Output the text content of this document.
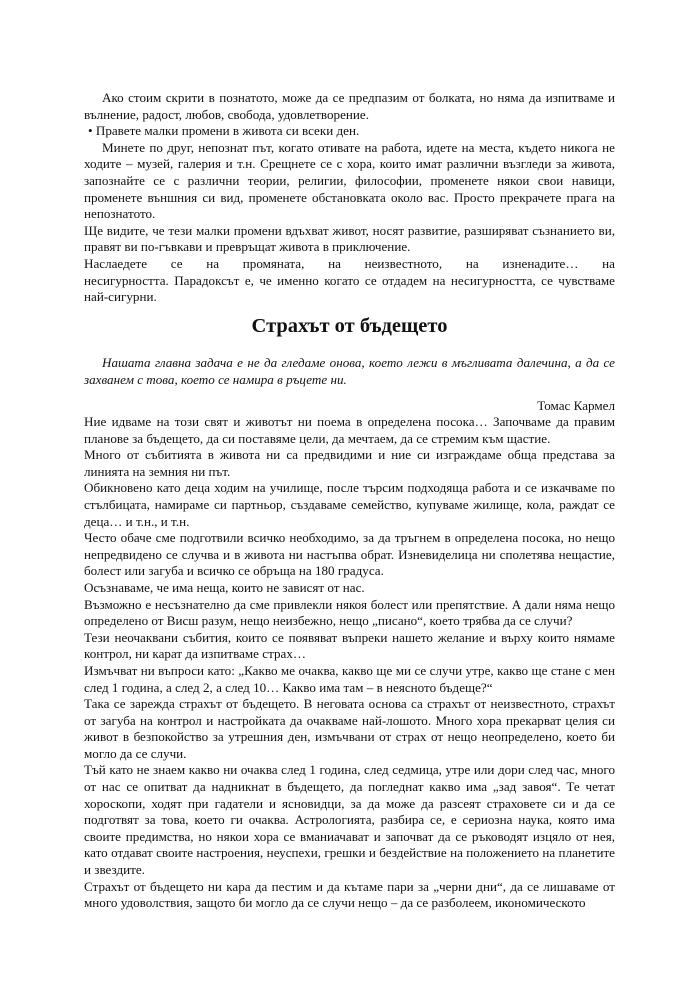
Ако стоим скрити в познатото, може да се предпазим от болката, но няма да изпитваме и вълнение, радост, любов, свобода, удовлетворение.

• Правете малки промени в живота си всеки ден.

Минете по друг, непознат път, когато отивате на работа, идете на места, където никога не ходите – музей, галерия и т.н. Срещнете се с хора, които имат различни възгледи за живота, запознайте се с различни теории, религии, философии, променете някои свои навици, променете външния си вид, променете обстановката около вас. Просто прекрачете прага на непознатото.

Ще видите, че тези малки промени вдъхват живот, носят развитие, разширяват съзнанието ви, правят ви по-гъвкави и превръщат живота в приключение.

Наслаедете се на промяната, на неизвестното, на изненадите… на

несигурността. Парадоксът е, че именно когато се отдадем на несигурността, се чувстваме най-сигурни.

Страхът от бъдещето

Нашата главна задача е не да гледаме онова, което лежи в мъгливата далечина, а да се захванем с това, което се намира в ръцете ни.

Томас Кармел

Ние идваме на този свят и животът ни поема в определена посока… Започваме да правим планове за бъдещето, да си поставяме цели, да мечтаем, да се стремим към щастие.

Много от събитията в живота ни са предвидими и ние си изграждаме обща представа за линията на земния ни път.

Обикновено като деца ходим на училище, после търсим подходяща работа и се изкачваме по стълбицата, намираме си партньор, създаваме семейство, купуваме жилище, кола, раждат се деца… и т.н., и т.н.

Често обаче сме подготвили всичко необходимо, за да тръгнем в определена посока, но нещо непредвидено се случва и в живота ни настъпва обрат. Изневиделица ни сполетява нещастие, болест или загуба и всичко се обръща на 180 градуса.

Осъзнаваме, че има неща, които не зависят от нас.

Възможно е несъзнателно да сме привлекли някоя болест или препятствие. А дали няма нещо определено от Висш разум, нещо неизбежно, нещо „писано“, което трябва да се случи?

Тези неочаквани събития, които се появяват въпреки нашето желание и върху които нямаме контрол, ни карат да изпитваме страх…

Измъчват ни въпроси като: „Какво ме очаква, какво ще ми се случи утре, какво ще стане с мен след 1 година, а след 2, а след 10… Какво има там – в неясното бъдеще?“

Така се зарежда страхът от бъдещето. В неговата основа са страхът от неизвестното, страхът от загуба на контрол и настройката да очакваме най-лошото. Много хора прекарват целия си живот в безпокойство за утрешния ден, измъчвани от страх от нещо неопределено, което би могло да се случи.

Тъй като не знаем какво ни очаква след 1 година, след седмица, утре или дори след час, много от нас се опитват да надникнат в бъдещето, да погледнат какво има „зад завоя“. Те четат хороскопи, ходят при гадатели и ясновидци, за да може да разсеят страховете си и да се подготвят за това, което ги очаква. Астрологията, разбира се, е сериозна наука, която има своите предимства, но някои хора се вманиачават и започват да се ръководят изцяло от нея, като отдават своите настроения, неуспехи, грешки и бездействие на положението на планетите и звездите.

Страхът от бъдещето ни кара да пестим и да кътаме пари за „черни дни“, да се лишаваме от много удоволствия, защото би могло да се случи нещо – да се разболеем, икономическото
